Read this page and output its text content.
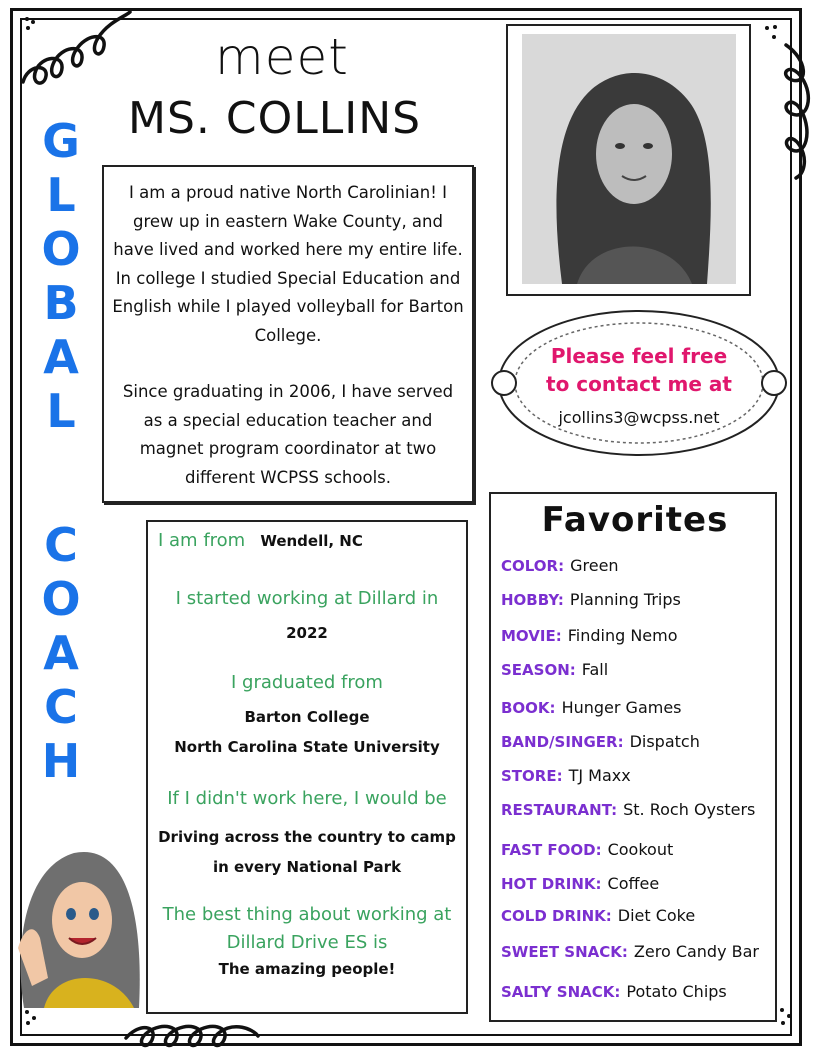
meet
MS. COLLINS
G
L
O
B
A
L
C
O
A
C
H

I am a proud native North Carolinian! I grew up in eastern Wake County, and have lived and worked here my entire life. In college I studied Special Education and English while I played volleyball for Barton College.

Since graduating in 2006, I have served as a special education teacher and magnet program coordinator at two different WCPSS schools.

Please feel free
to contact me at
jcollins3@wcpss.net
I am from Wendell, NC
I started working at Dillard in
2022
I graduated from
Barton College
North Carolina State University
If I didn't work here, I would be
Driving across the country to camp
in every National Park
The best thing about working at
Dillard Drive ES is
The amazing people!
Favorites
COLOR: Green
HOBBY: Planning Trips
MOVIE: Finding Nemo
SEASON: Fall
BOOK: Hunger Games
BAND/SINGER: Dispatch
STORE: TJ Maxx
RESTAURANT: St. Roch Oysters
FAST FOOD: Cookout
HOT DRINK: Coffee
COLD DRINK: Diet Coke
SWEET SNACK: Zero Candy Bar
SALTY SNACK: Potato Chips
